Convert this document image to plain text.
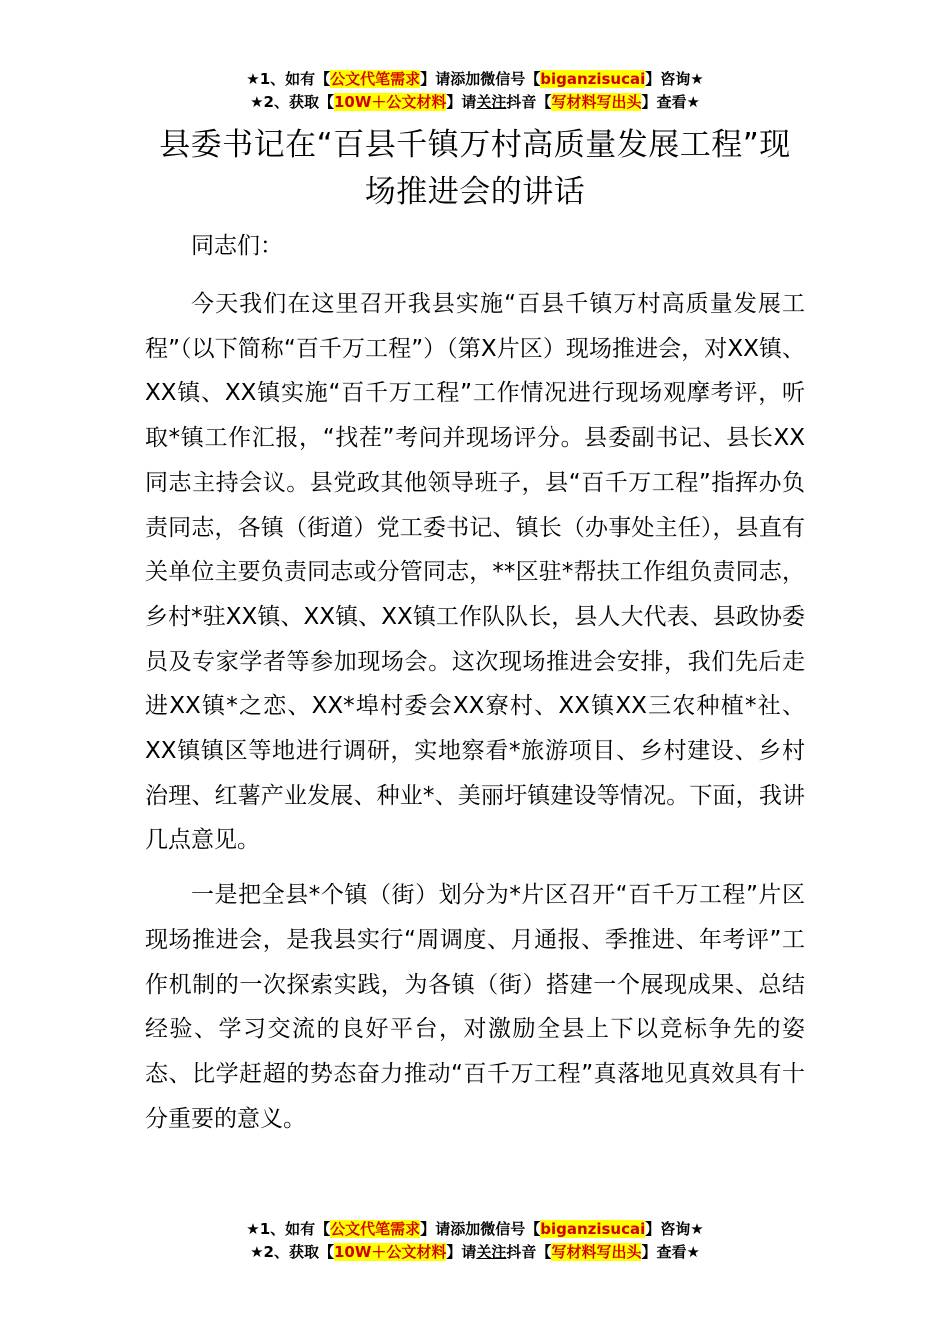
★1、如有【公文代笔需求】请添加微信号【biganzisucai】咨询★
★2、获取【10W＋公文材料】请关注抖音【写材料写出头】查看★
县委书记在“百县千镇万村高质量发展工程”现场推进会的讲话

同志们：

今天我们在这里召开我县实施“百县千镇万村高质量发展工程”（以下简称“百千万工程”）（第X片区）现场推进会，对XX镇、XX镇、XX镇实施“百千万工程”工作情况进行现场观摩考评，听取*镇工作汇报，“找茬”考问并现场评分。县委副书记、县长XX同志主持会议。县党政其他领导班子，县“百千万工程”指挥办负责同志，各镇（街道）党工委书记、镇长（办事处主任），县直有关单位主要负责同志或分管同志，**区驻*帮扶工作组负责同志，乡村*驻XX镇、XX镇、XX镇工作队队长，县人大代表、县政协委员及专家学者等参加现场会。这次现场推进会安排，我们先后走进XX镇*之恋、XX*埠村委会XX寮村、XX镇XX三农种植*社、XX镇镇区等地进行调研，实地察看*旅游项目、乡村建设、乡村治理、红薯产业发展、种业*、美丽圩镇建设等情况。下面，我讲几点意见。

一是把全县*个镇（街）划分为*片区召开“百千万工程”片区现场推进会，是我县实行“周调度、月通报、季推进、年考评”工作机制的一次探索实践，为各镇（街）搭建一个展现成果、总结经验、学习交流的良好平台，对激励全县上下以竞标争先的姿态、比学赶超的势态奋力推动“百千万工程”真落地见真效具有十分重要的意义。

★1、如有【公文代笔需求】请添加微信号【biganzisucai】咨询★
★2、获取【10W＋公文材料】请关注抖音【写材料写出头】查看★
